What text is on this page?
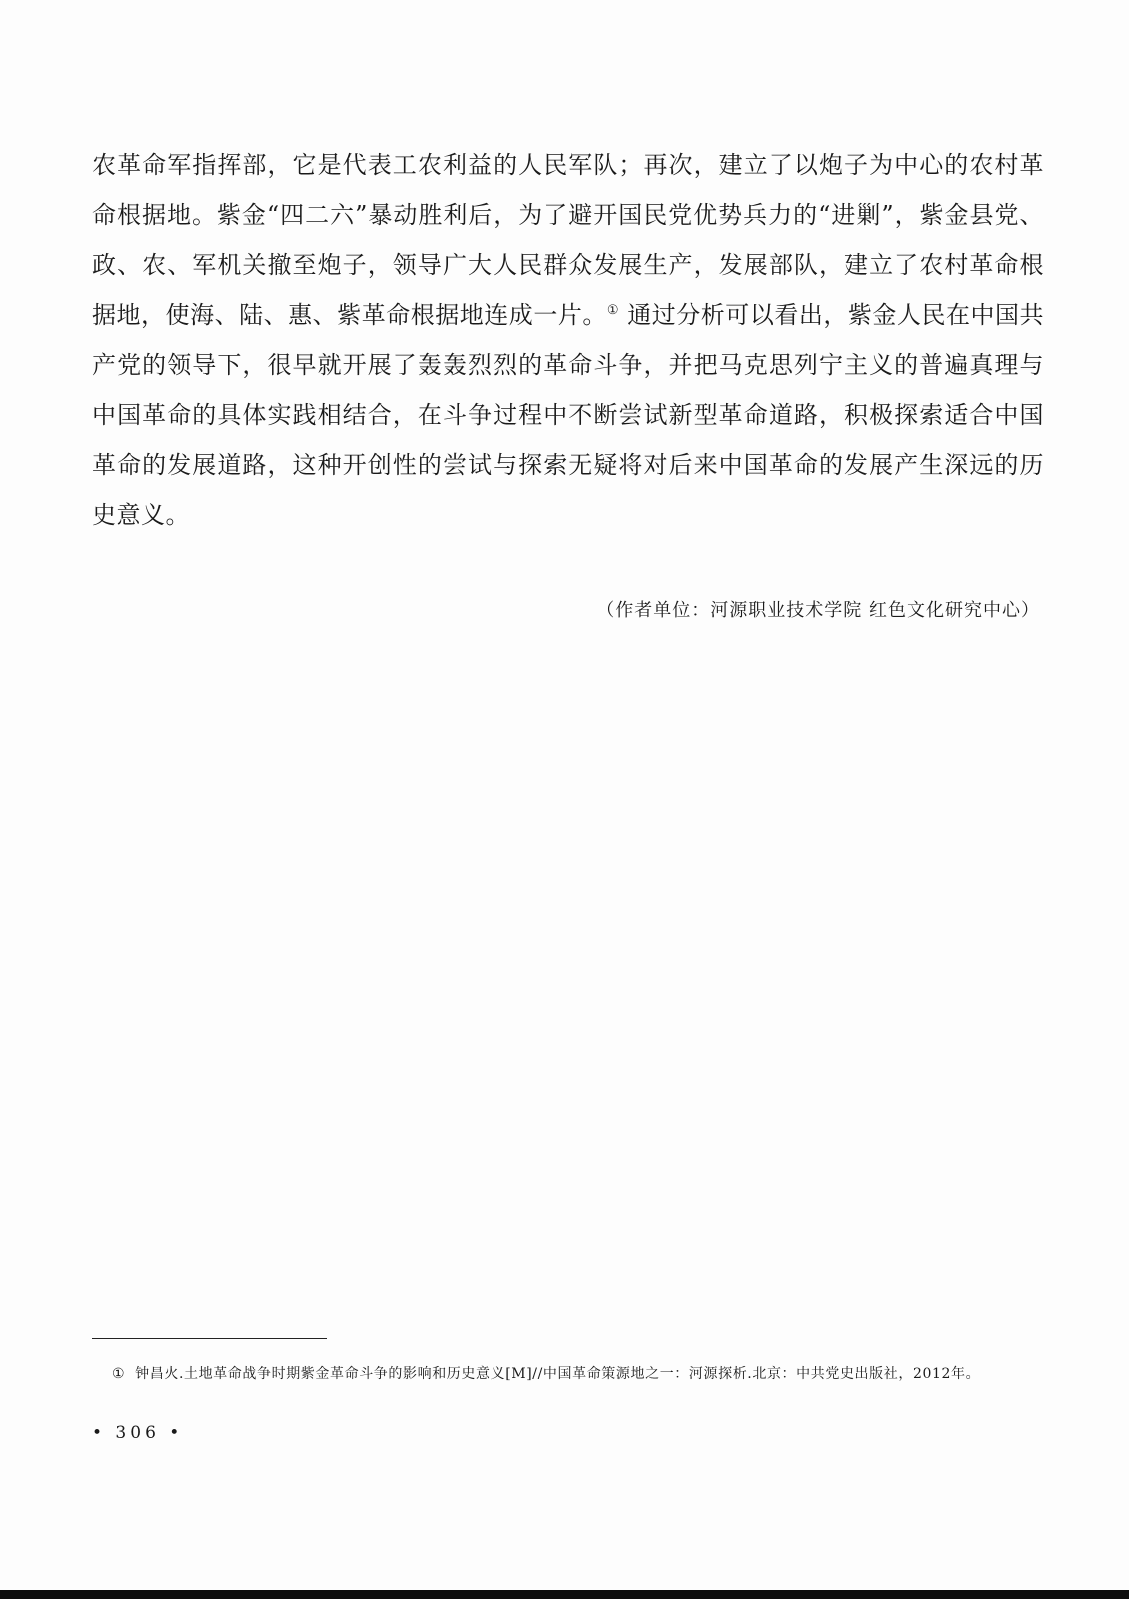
农革命军指挥部，它是代表工农利益的人民军队；再次，建立了以炮子为中心的农村革命根据地。紫金“四二六”暴动胜利后，为了避开国民党优势兵力的“进剿”，紫金县党、政、农、军机关撤至炮子，领导广大人民群众发展生产，发展部队，建立了农村革命根据地，使海、陆、惠、紫革命根据地连成一片。① 通过分析可以看出，紫金人民在中国共产党的领导下，很早就开展了轰轰烈烈的革命斗争，并把马克思列宁主义的普遍真理与中国革命的具体实践相结合，在斗争过程中不断尝试新型革命道路，积极探索适合中国革命的发展道路，这种开创性的尝试与探索无疑将对后来中国革命的发展产生深远的历史意义。

（作者单位：河源职业技术学院 红色文化研究中心）

① 钟昌火.土地革命战争时期紫金革命斗争的影响和历史意义[M]//中国革命策源地之一：河源探析.北京：中共党史出版社，2012年。

• 306 •
